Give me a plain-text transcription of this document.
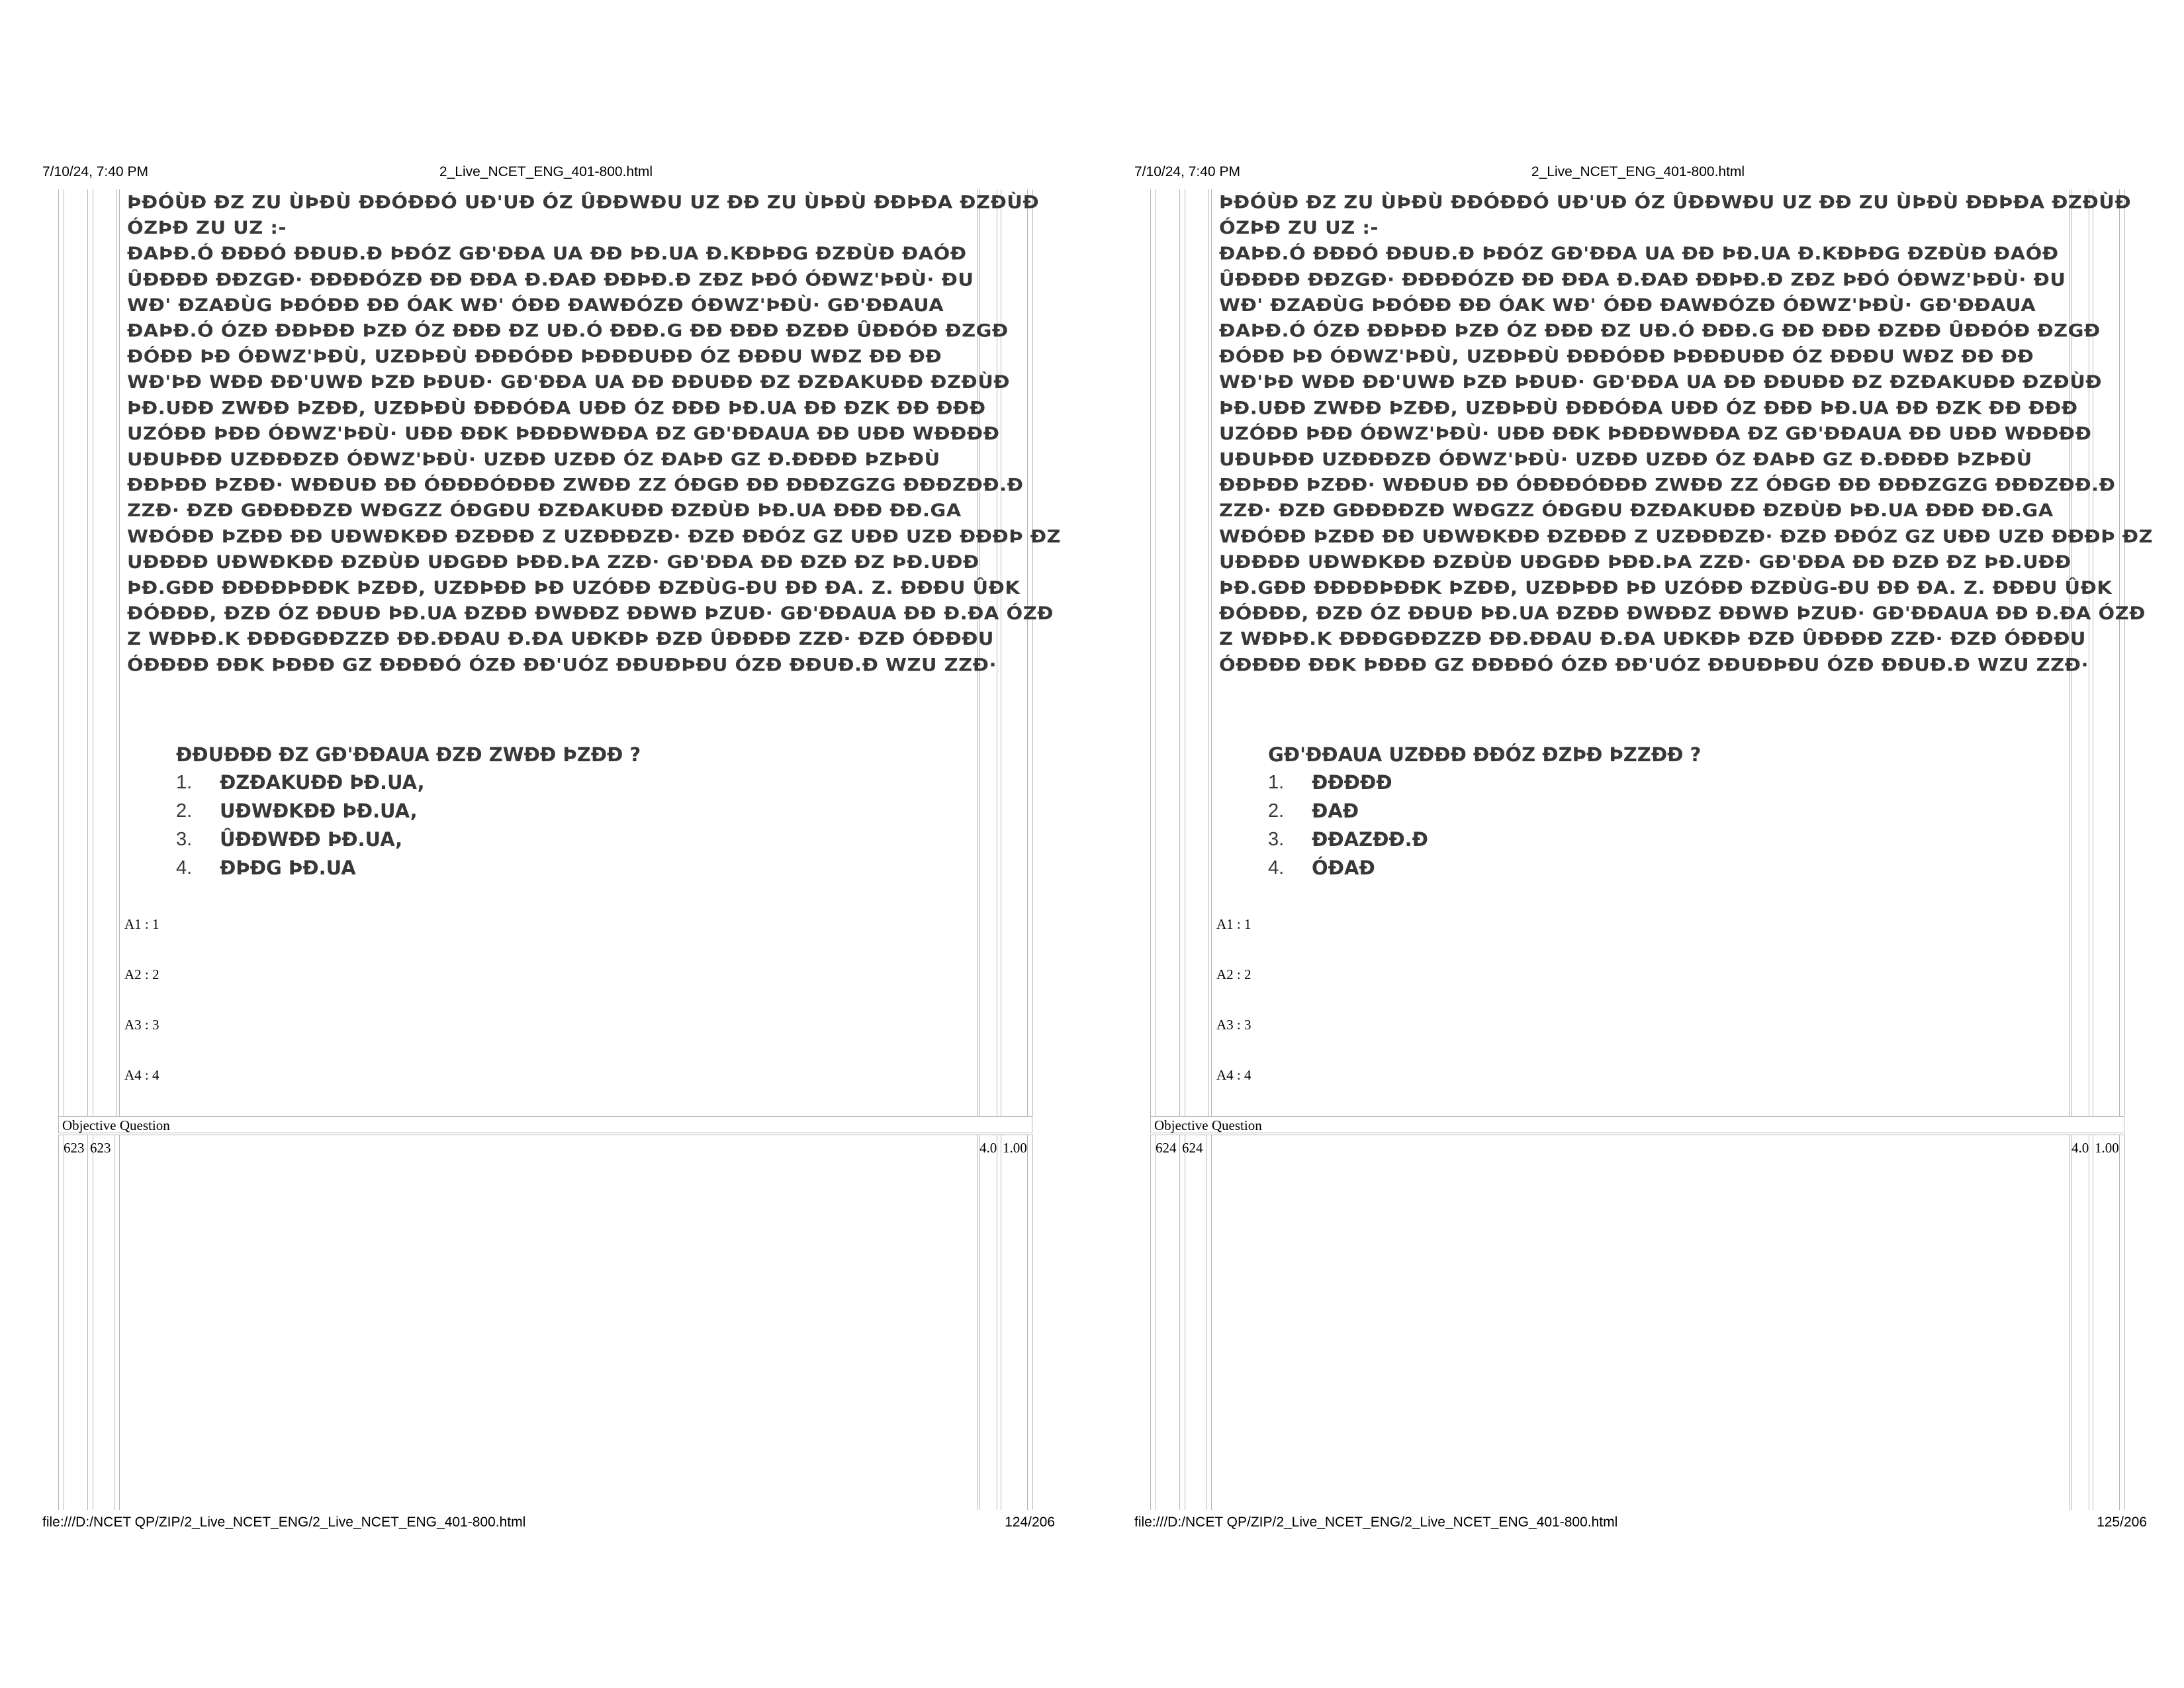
7/10/24, 7:40 PM	2_Live_NCET_ENG_401-800.html
ÞÐÓÙÐ ÐZ ZU ÙÞÐÙ ÐÐÓÐÐÓ UÐ'UÐ ÓZ ÛÐÐWÐU UZ ÐÐ ZU ÙÞÐÙ ÐÐÞÐA ÐZÐÙÐ
ÓZÞÐ ZU UZ :-
ÐAÞÐ.Ó ÐÐÐÓ ÐÐUÐ.Ð ÞÐÓZ GÐ'ÐÐA UA ÐÐ ÞÐ.UA Ð.KÐÞÐG ÐZÐÙÐ ÐAÓÐ
ÛÐÐÐÐ ÐÐZGÐ· ÐÐÐÐÓZÐ ÐÐ ÐÐA Ð.ÐAÐ ÐÐÞÐ.Ð ZÐZ ÞÐÓ ÓÐWZ'ÞÐÙ· ÐU
WÐ' ÐZAÐÙG ÞÐÓÐÐ ÐÐ ÓAK WÐ' ÓÐÐ ÐAWÐÓZÐ ÓÐWZ'ÞÐÙ· GÐ'ÐÐAUA
ÐAÞÐ.Ó ÓZÐ ÐÐÞÐÐ ÞZÐ ÓZ ÐÐÐ ÐZ UÐ.Ó ÐÐÐ.G ÐÐ ÐÐÐ ÐZÐÐ ÛÐÐÓÐ ÐZGÐ
ÐÓÐÐ ÞÐ ÓÐWZ'ÞÐÙ, UZÐÞÐÙ ÐÐÐÓÐÐ ÞÐÐÐUÐÐ ÓZ ÐÐÐU WÐZ ÐÐ ÐÐ
WÐ'ÞÐ WÐÐ ÐÐ'UWÐ ÞZÐ ÞÐUÐ· GÐ'ÐÐA UA ÐÐ ÐÐUÐÐ ÐZ ÐZÐAKUÐÐ ÐZÐÙÐ
ÞÐ.UÐÐ ZWÐÐ ÞZÐÐ, UZÐÞÐÙ ÐÐÐÓÐA UÐÐ ÓZ ÐÐÐ ÞÐ.UA ÐÐ ÐZK ÐÐ ÐÐÐ
UZÓÐÐ ÞÐÐ ÓÐWZ'ÞÐÙ· UÐÐ ÐÐK ÞÐÐÐWÐÐA ÐZ GÐ'ÐÐAUA ÐÐ UÐÐ WÐÐÐÐ
UÐUÞÐÐ UZÐÐÐZÐ ÓÐWZ'ÞÐÙ· UZÐÐ UZÐÐ ÓZ ÐAÞÐ GZ Ð.ÐÐÐÐ ÞZÞÐÙ
ÐÐÞÐÐ ÞZÐÐ· WÐÐUÐ ÐÐ ÓÐÐÐÓÐÐÐ ZWÐÐ ZZ ÓÐGÐ ÐÐ ÐÐÐZGZG ÐÐÐZÐÐ.Ð
ZZÐ· ÐZÐ GÐÐÐÐZÐ WÐGZZ ÓÐGÐU ÐZÐAKUÐÐ ÐZÐÙÐ ÞÐ.UA ÐÐÐ ÐÐ.GA
WÐÓÐÐ ÞZÐÐ ÐÐ UÐWÐKÐÐ ÐZÐÐÐ Z UZÐÐÐZÐ· ÐZÐ ÐÐÓZ GZ UÐÐ UZÐ ÐÐÐÞ ÐZ
UÐÐÐÐ UÐWÐKÐÐ ÐZÐÙÐ UÐGÐÐ ÞÐÐ.ÞA ZZÐ· GÐ'ÐÐA ÐÐ ÐZÐ ÐZ ÞÐ.UÐÐ
ÞÐ.GÐÐ ÐÐÐÐÞÐÐK ÞZÐÐ, UZÐÞÐÐ ÞÐ UZÓÐÐ ÐZÐÙG-ÐU ÐÐ ÐA. Z. ÐÐÐU ÛÐK
ÐÓÐÐÐ, ÐZÐ ÓZ ÐÐUÐ ÞÐ.UA ÐZÐÐ ÐWÐÐZ ÐÐWÐ ÞZUÐ· GÐ'ÐÐAUA ÐÐ Ð.ÐA ÓZÐ
Z WÐÞÐ.K ÐÐÐGÐÐZZÐ ÐÐ.ÐÐAU Ð.ÐA UÐKÐÞ ÐZÐ ÛÐÐÐÐ ZZÐ· ÐZÐ ÓÐÐÐU
ÓÐÐÐÐ ÐÐK ÞÐÐÐ GZ ÐÐÐÐÓ ÓZÐ ÐÐ'UÓZ ÐÐUÐÞÐU ÓZÐ ÐÐUÐ.Ð WZU ZZÐ·
ÐÐUÐÐÐ ÐZ GÐ'ÐÐAUA ÐZÐ ZWÐÐ ÞZÐÐ ?
1.	ÐZÐAKUÐÐ ÞÐ.UA,
2.	UÐWÐKÐÐ ÞÐ.UA,
3.	ÛÐÐWÐÐ ÞÐ.UA,
4.	ÐÞÐG ÞÐ.UA
A1 : 1
A2 : 2
A3 : 3
A4 : 4
Objective Question
623 623	4.0 1.00
file:///D:/NCET QP/ZIP/2_Live_NCET_ENG/2_Live_NCET_ENG_401-800.html	124/206
7/10/24, 7:40 PM	2_Live_NCET_ENG_401-800.html
ÞÐÓÙÐ ÐZ ZU ÙÞÐÙ ÐÐÓÐÐÓ UÐ'UÐ ÓZ ÛÐÐWÐU UZ ÐÐ ZU ÙÞÐÙ ÐÐÞÐA ÐZÐÙÐ
ÓZÞÐ ZU UZ :-
ÐAÞÐ.Ó ÐÐÐÓ ÐÐUÐ.Ð ÞÐÓZ GÐ'ÐÐA UA ÐÐ ÞÐ.UA Ð.KÐÞÐG ÐZÐÙÐ ÐAÓÐ
ÛÐÐÐÐ ÐÐZGÐ· ÐÐÐÐÓZÐ ÐÐ ÐÐA Ð.ÐAÐ ÐÐÞÐ.Ð ZÐZ ÞÐÓ ÓÐWZ'ÞÐÙ· ÐU
WÐ' ÐZAÐÙG ÞÐÓÐÐ ÐÐ ÓAK WÐ' ÓÐÐ ÐAWÐÓZÐ ÓÐWZ'ÞÐÙ· GÐ'ÐÐAUA
ÐAÞÐ.Ó ÓZÐ ÐÐÞÐÐ ÞZÐ ÓZ ÐÐÐ ÐZ UÐ.Ó ÐÐÐ.G ÐÐ ÐÐÐ ÐZÐÐ ÛÐÐÓÐ ÐZGÐ
ÐÓÐÐ ÞÐ ÓÐWZ'ÞÐÙ, UZÐÞÐÙ ÐÐÐÓÐÐ ÞÐÐÐUÐÐ ÓZ ÐÐÐU WÐZ ÐÐ ÐÐ
WÐ'ÞÐ WÐÐ ÐÐ'UWÐ ÞZÐ ÞÐUÐ· GÐ'ÐÐA UA ÐÐ ÐÐUÐÐ ÐZ ÐZÐAKUÐÐ ÐZÐÙÐ
ÞÐ.UÐÐ ZWÐÐ ÞZÐÐ, UZÐÞÐÙ ÐÐÐÓÐA UÐÐ ÓZ ÐÐÐ ÞÐ.UA ÐÐ ÐZK ÐÐ ÐÐÐ
UZÓÐÐ ÞÐÐ ÓÐWZ'ÞÐÙ· UÐÐ ÐÐK ÞÐÐÐWÐÐA ÐZ GÐ'ÐÐAUA ÐÐ UÐÐ WÐÐÐÐ
UÐUÞÐÐ UZÐÐÐZÐ ÓÐWZ'ÞÐÙ· UZÐÐ UZÐÐ ÓZ ÐAÞÐ GZ Ð.ÐÐÐÐ ÞZÞÐÙ
ÐÐÞÐÐ ÞZÐÐ· WÐÐUÐ ÐÐ ÓÐÐÐÓÐÐÐ ZWÐÐ ZZ ÓÐGÐ ÐÐ ÐÐÐZGZG ÐÐÐZÐÐ.Ð
ZZÐ· ÐZÐ GÐÐÐÐZÐ WÐGZZ ÓÐGÐU ÐZÐAKUÐÐ ÐZÐÙÐ ÞÐ.UA ÐÐÐ ÐÐ.GA
WÐÓÐÐ ÞZÐÐ ÐÐ UÐWÐKÐÐ ÐZÐÐÐ Z UZÐÐÐZÐ· ÐZÐ ÐÐÓZ GZ UÐÐ UZÐ ÐÐÐÞ ÐZ
UÐÐÐÐ UÐWÐKÐÐ ÐZÐÙÐ UÐGÐÐ ÞÐÐ.ÞA ZZÐ· GÐ'ÐÐA ÐÐ ÐZÐ ÐZ ÞÐ.UÐÐ
ÞÐ.GÐÐ ÐÐÐÐÞÐÐK ÞZÐÐ, UZÐÞÐÐ ÞÐ UZÓÐÐ ÐZÐÙG-ÐU ÐÐ ÐA. Z. ÐÐÐU ÛÐK
ÐÓÐÐÐ, ÐZÐ ÓZ ÐÐUÐ ÞÐ.UA ÐZÐÐ ÐWÐÐZ ÐÐWÐ ÞZUÐ· GÐ'ÐÐAUA ÐÐ Ð.ÐA ÓZÐ
Z WÐÞÐ.K ÐÐÐGÐÐZZÐ ÐÐ.ÐÐAU Ð.ÐA UÐKÐÞ ÐZÐ ÛÐÐÐÐ ZZÐ· ÐZÐ ÓÐÐÐU
ÓÐÐÐÐ ÐÐK ÞÐÐÐ GZ ÐÐÐÐÓ ÓZÐ ÐÐ'UÓZ ÐÐUÐÞÐU ÓZÐ ÐÐUÐ.Ð WZU ZZÐ·
GÐ'ÐÐAUA UZÐÐÐ ÐÐÓZ ÐZÞÐ ÞZZÐÐ ?
1.	ÐÐÐÐÐ
2.	ÐAÐ
3.	ÐÐAZÐÐ.Ð
4.	ÓÐAÐ
A1 : 1
A2 : 2
A3 : 3
A4 : 4
Objective Question
624 624	4.0 1.00
file:///D:/NCET QP/ZIP/2_Live_NCET_ENG/2_Live_NCET_ENG_401-800.html	125/206
